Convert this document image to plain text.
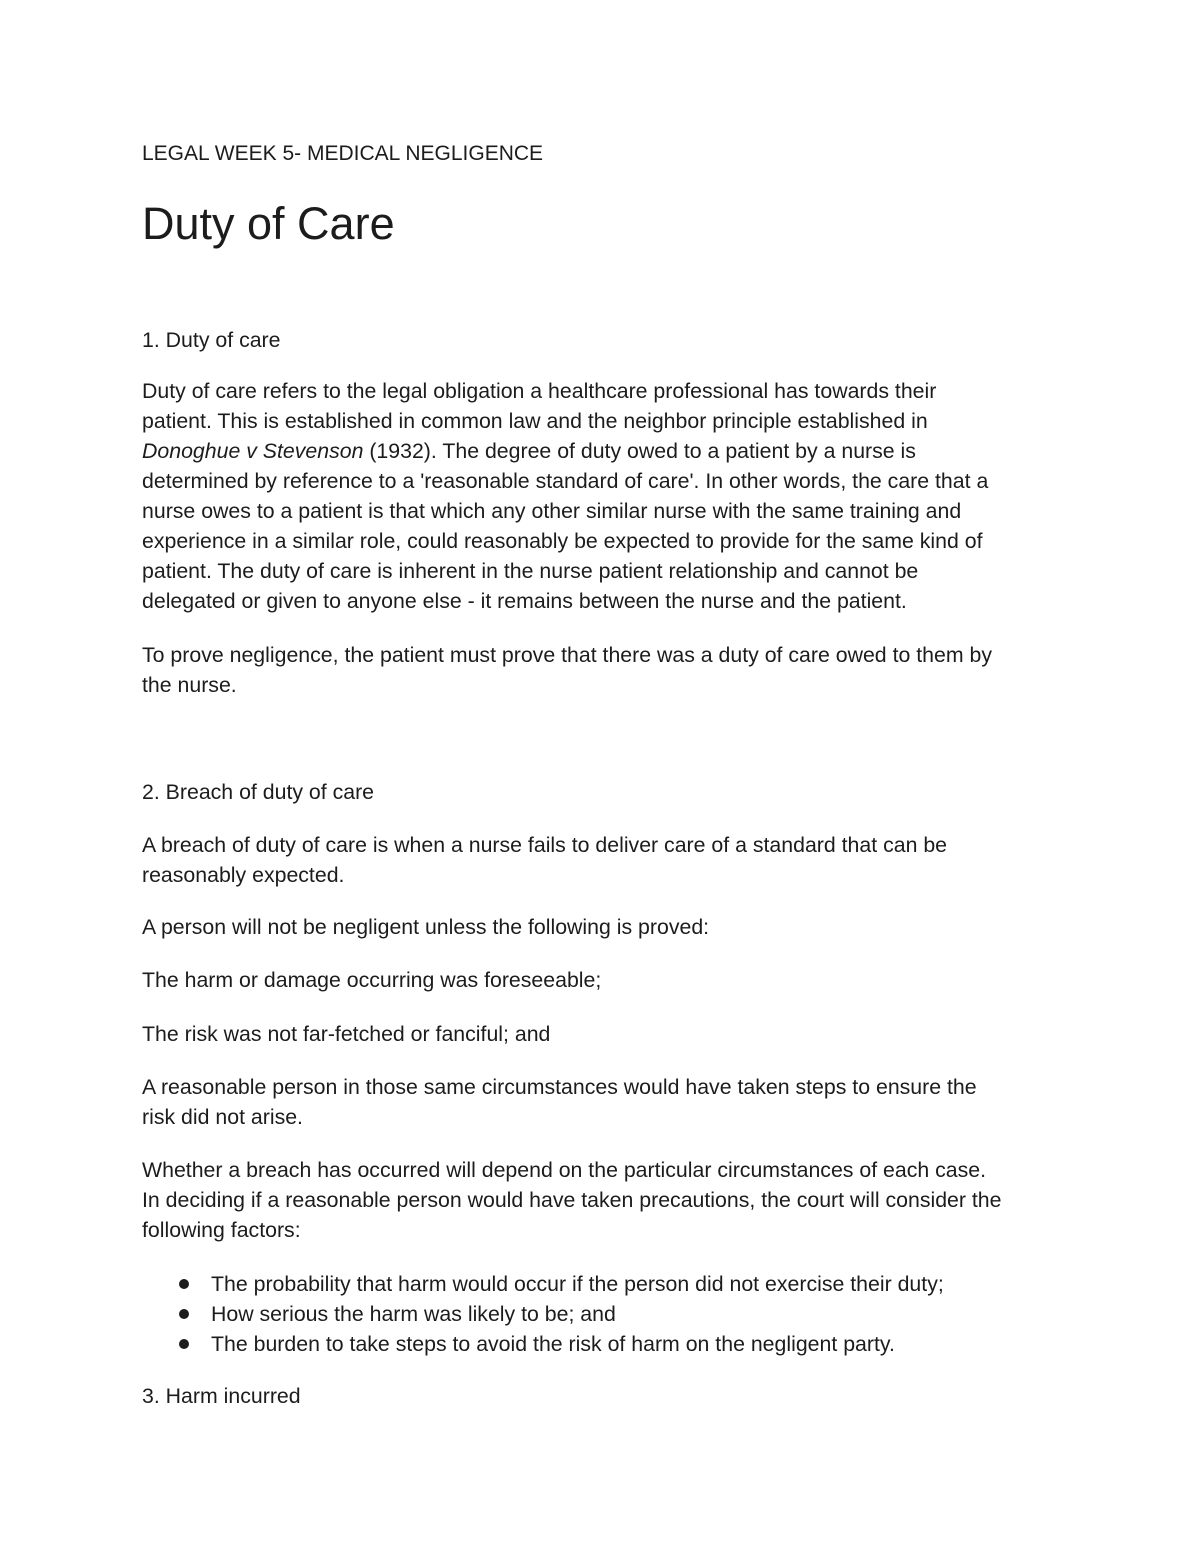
LEGAL WEEK 5- MEDICAL NEGLIGENCE

Duty of Care

1. Duty of care

Duty of care refers to the legal obligation a healthcare professional has towards their
patient. This is established in common law and the neighbor principle established in
Donoghue v Stevenson (1932). The degree of duty owed to a patient by a nurse is
determined by reference to a 'reasonable standard of care'. In other words, the care that a
nurse owes to a patient is that which any other similar nurse with the same training and
experience in a similar role, could reasonably be expected to provide for the same kind of
patient. The duty of care is inherent in the nurse patient relationship and cannot be
delegated or given to anyone else - it remains between the nurse and the patient.
To prove negligence, the patient must prove that there was a duty of care owed to them by
the nurse.

2. Breach of duty of care

A breach of duty of care is when a nurse fails to deliver care of a standard that can be
reasonably expected.

A person will not be negligent unless the following is proved:

The harm or damage occurring was foreseeable;

The risk was not far-fetched or fanciful; and

A reasonable person in those same circumstances would have taken steps to ensure the
risk did not arise.
Whether a breach has occurred will depend on the particular circumstances of each case.
In deciding if a reasonable person would have taken precautions, the court will consider the
following factors:
The probability that harm would occur if the person did not exercise their duty;
How serious the harm was likely to be; and
The burden to take steps to avoid the risk of harm on the negligent party.

3. Harm incurred
